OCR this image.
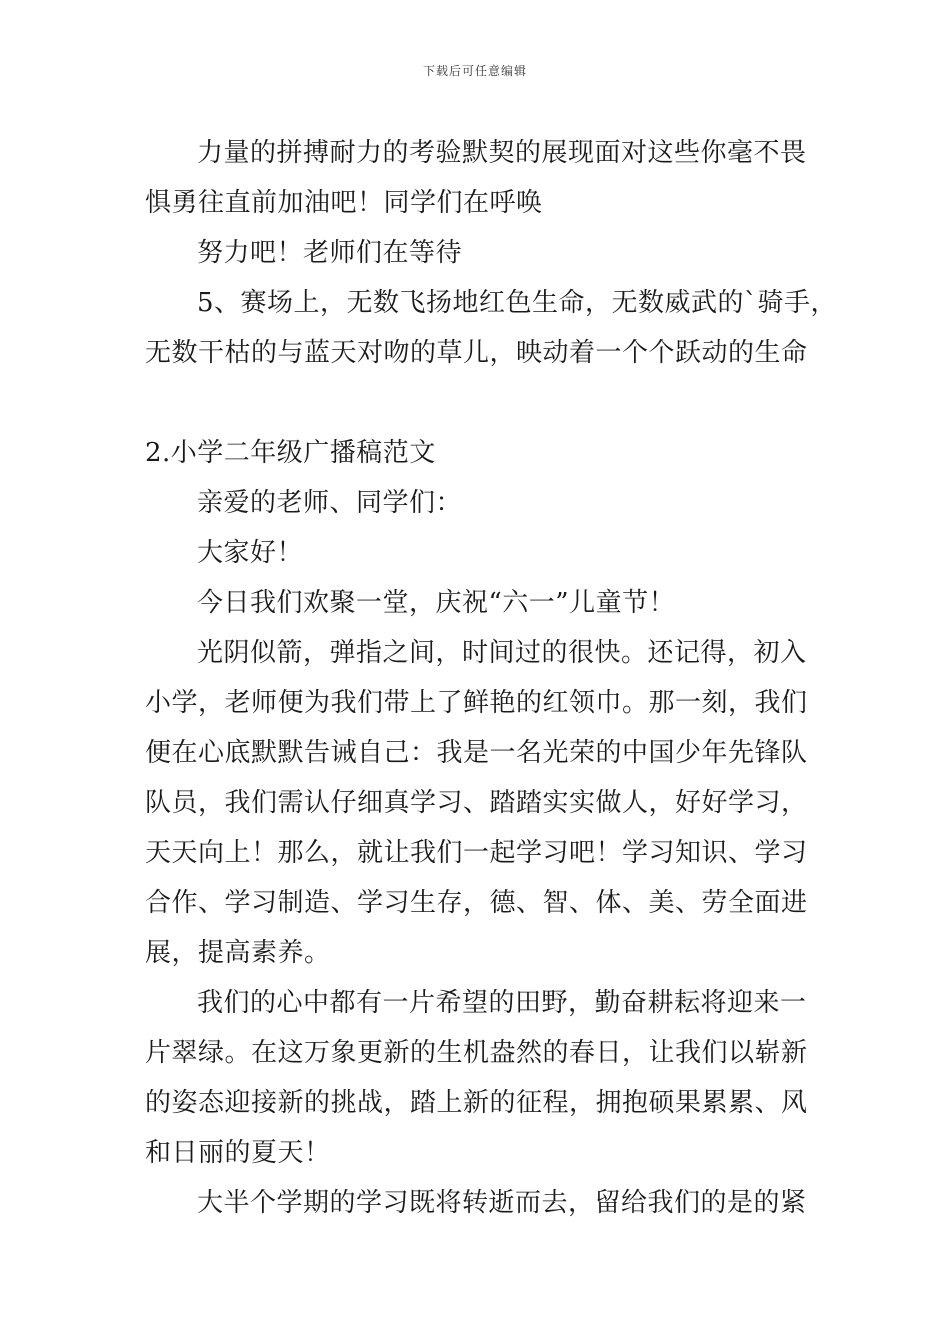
下载后可任意编辑
力量的拼搏耐力的考验默契的展现面对这些你毫不畏
惧勇往直前加油吧！同学们在呼唤
努力吧！老师们在等待
5、赛场上，无数飞扬地红色生命，无数威武的`骑手，
无数干枯的与蓝天对吻的草儿，映动着一个个跃动的生命
2.小学二年级广播稿范文
亲爱的老师、同学们：
大家好！
今日我们欢聚一堂，庆祝“六一”儿童节！
光阴似箭，弹指之间，时间过的很快。还记得，初入
小学，老师便为我们带上了鲜艳的红领巾。那一刻，我们
便在心底默默告诫自己：我是一名光荣的中国少年先锋队
队员，我们需认仔细真学习、踏踏实实做人，好好学习，
天天向上！那么，就让我们一起学习吧！学习知识、学习
合作、学习制造、学习生存，德、智、体、美、劳全面进
展，提高素养。
我们的心中都有一片希望的田野，勤奋耕耘将迎来一
片翠绿。在这万象更新的生机盎然的春日，让我们以崭新
的姿态迎接新的挑战，踏上新的征程，拥抱硕果累累、风
和日丽的夏天！
大半个学期的学习既将转逝而去，留给我们的是的紧
